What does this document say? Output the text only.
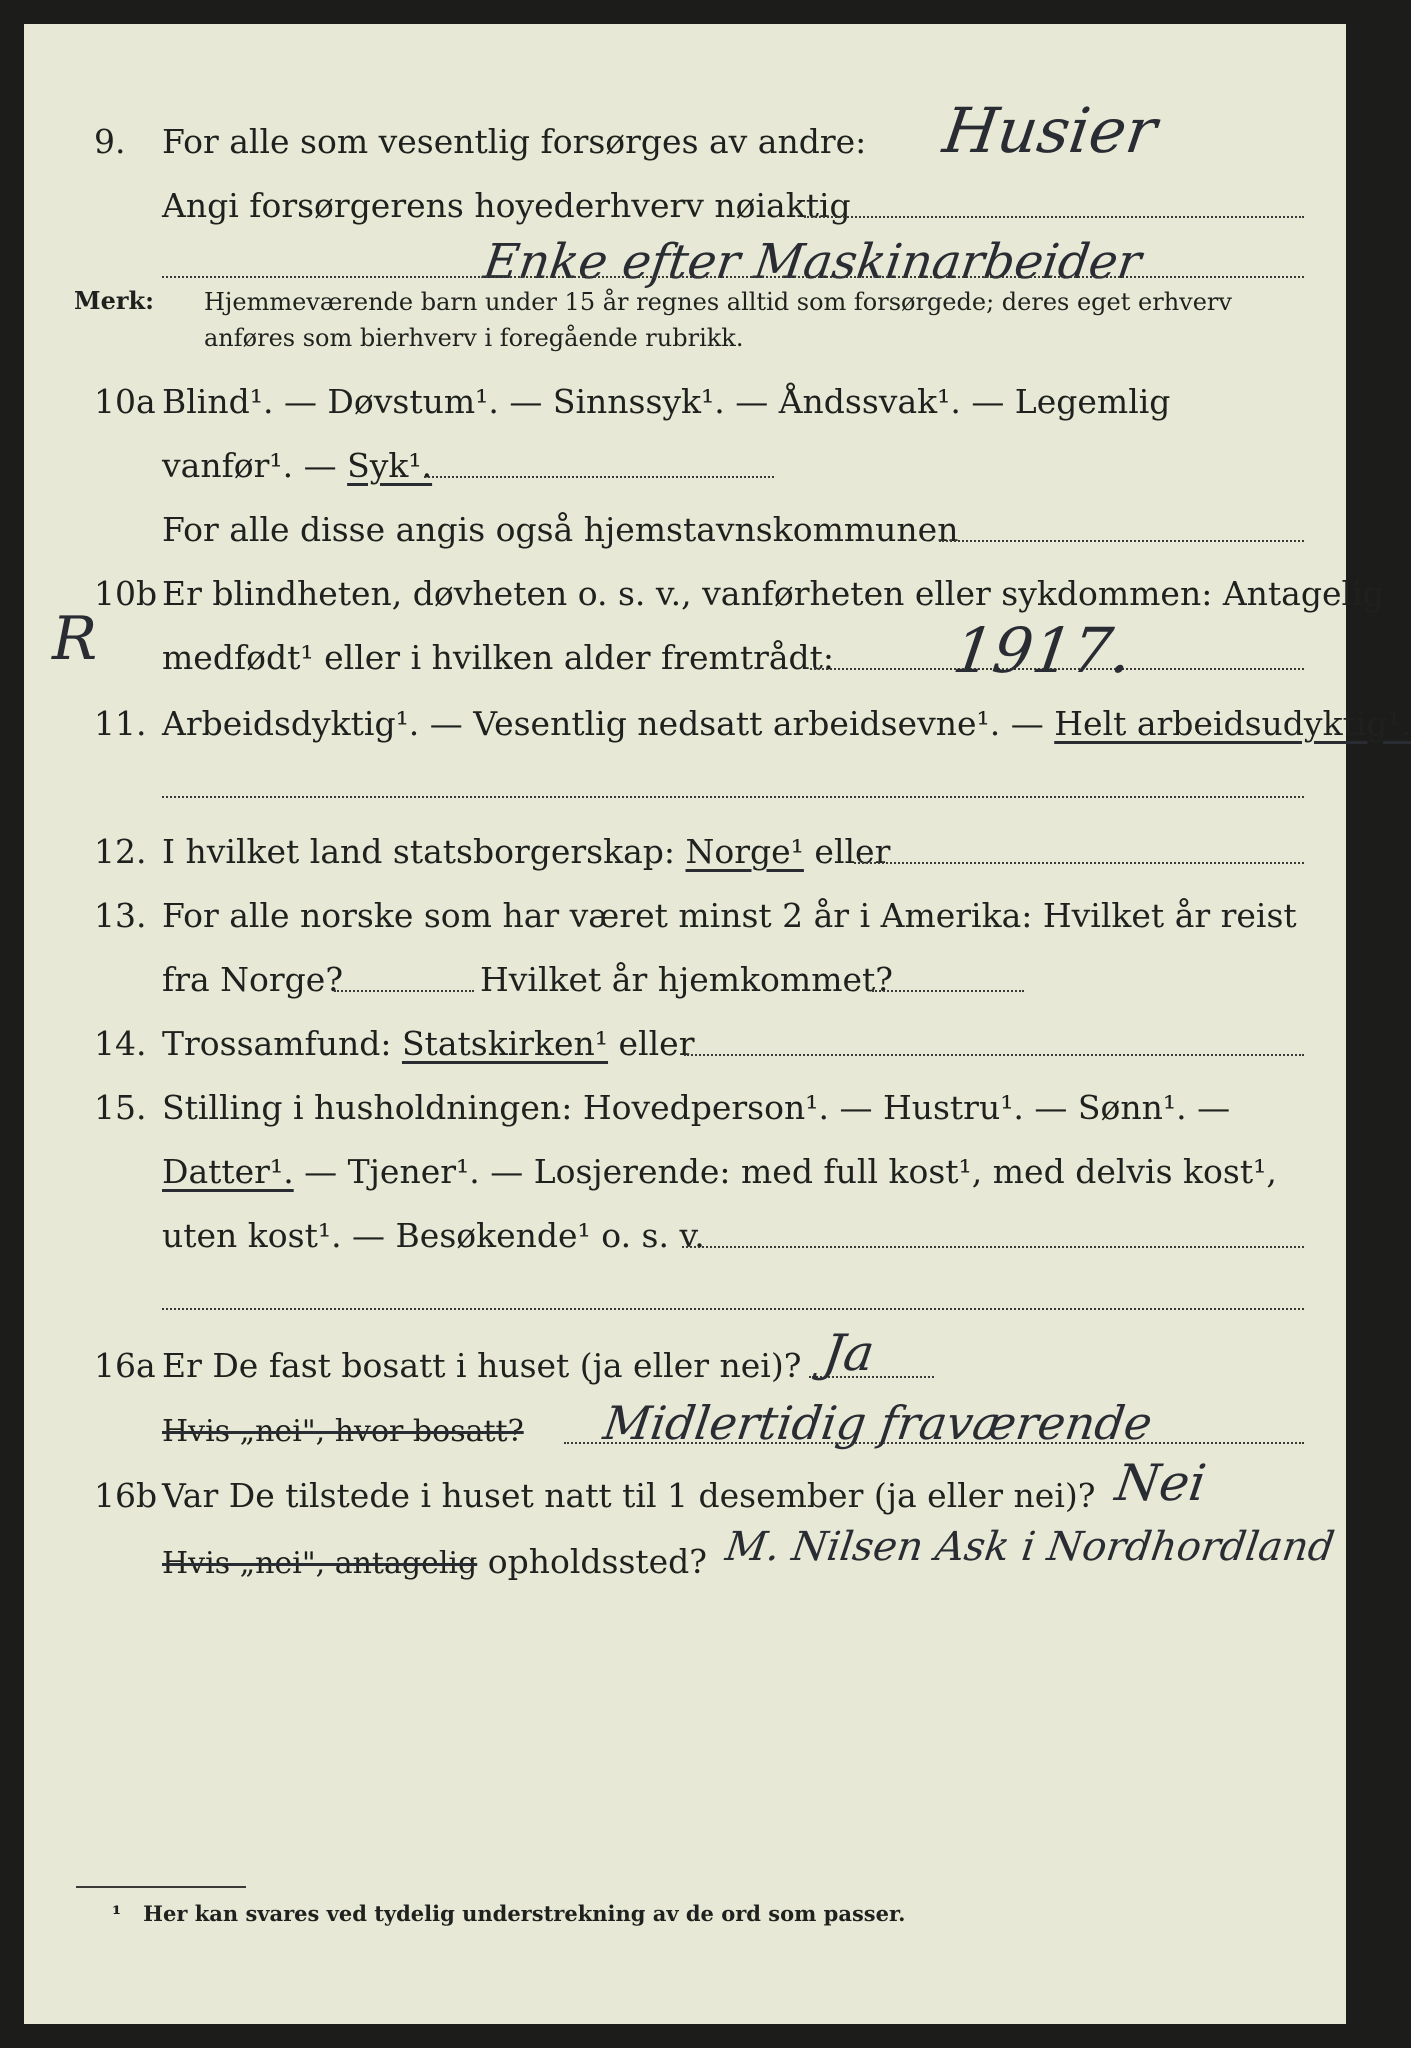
9. For alle som vesentlig forsørges av andre: Husier
Angi forsørgerens hoyederhverv nøiaktig
Enke efter Maskinarbeider
Merk: Hjemmeværende barn under 15 år regnes alltid som forsørgede; deres eget erhverv
anføres som bierhverv i foregående rubrikk.
10a Blind¹. — Døvstum¹. — Sinnssyk¹. — Åndssvak¹. — Legemlig
vanfør¹. — Syk¹.
For alle disse angis også hjemstavnskommunen
10b
R
Er blindheten, døvheten o. s. v., vanførheten eller sykdommen: Antagelig
medfødt¹ eller i hvilken alder fremtrådt: 1917.
11. Arbeidsdyktig¹. — Vesentlig nedsatt arbeidsevne¹. — Helt arbeidsudyktig¹.
12. I hvilket land statsborgerskap: Norge¹ eller
13. For alle norske som har været minst 2 år i Amerika: Hvilket år reist
fra Norge?	Hvilket år hjemkommet?
14. Trossamfund: Statskirken¹ eller
15. Stilling i husholdningen: Hovedperson¹. — Hustru¹. — Sønn¹. —
Datter¹. — Tjener¹. — Losjerende: med full kost¹, med delvis kost¹,
uten kost¹. — Besøkende¹ o. s. v.
16a Er De fast bosatt i huset (ja eller nei)? Ja
Hvis „nei", hvor bosatt? Midlertidig fraværende
16b Var De tilstede i huset natt til 1 desember (ja eller nei)? Nei
Hvis „nei", antagelig opholdssted? M. Nilsen Ask i Nordhordland
¹ Her kan svares ved tydelig understrekning av de ord som passer.
